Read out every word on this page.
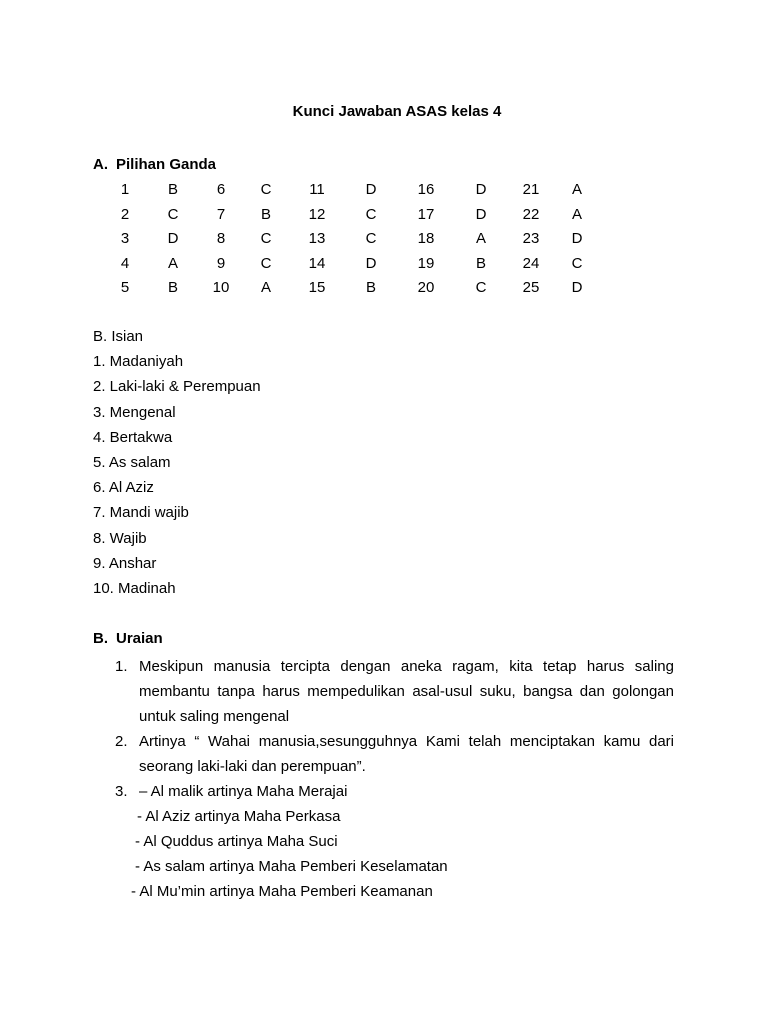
Kunci Jawaban ASAS kelas 4
A. Pilihan Ganda
1	B	6	C	11	D	16	D	21	A
2	C	7	B	12	C	17	D	22	A
3	D	8	C	13	C	18	A	23	D
4	A	9	C	14	D	19	B	24	C
5	B	10	A	15	B	20	C	25	D
B. Isian
1. Madaniyah
2. Laki-laki & Perempuan
3. Mengenal
4. Bertakwa
5. As salam
6. Al Aziz
7. Mandi wajib
8. Wajib
9. Anshar
10. Madinah
B. Uraian
1. Meskipun manusia tercipta dengan aneka ragam, kita tetap harus saling
membantu tanpa harus mempedulikan asal-usul suku, bangsa dan golongan
untuk saling mengenal
2. Artinya “ Wahai manusia,sesungguhnya Kami telah menciptakan kamu dari
seorang laki-laki dan perempuan”.
3. – Al malik artinya Maha Merajai
- Al Aziz artinya Maha Perkasa
- Al Quddus artinya Maha Suci
- As salam artinya Maha Pemberi Keselamatan
- Al Mu’min artinya Maha Pemberi Keamanan
